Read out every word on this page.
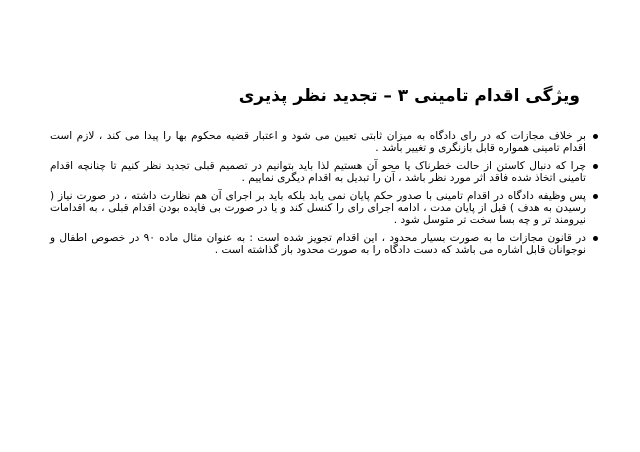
ویژگی اقدام تامینی ۳ – تجدید نظر پذیری
بر خلاف مجازات که در رای دادگاه به میزان ثابتی تعیین می شود و اعتبار قضیه محکوم بها را پیدا می کند ، لازم است اقدام تامینی همواره قابل بازنگری و تغییر باشد .
چرا که دنبال کاستن از حالت خطرناک یا محو آن هستیم لذا باید بتوانیم در تصمیم قبلی تجدید نظر کنیم تا چنانچه اقدام تامینی اتخاذ شده فاقد اثر مورد نظر باشد ، آن را تبدیل به اقدام دیگری نماییم .
پس وظیفه دادگاه در اقدام تامینی با صدور حکم پایان نمی یابد بلکه باید بر اجرای آن هم نظارت داشته ، در صورت نیاز ( رسیدن به هدف ) قبل از پایان مدت ، ادامه اجرای رای را کنسل کند و یا در صورت بی فایده بودن اقدام قبلی ، به اقدامات نیرومند تر و چه بسا سخت تر متوسل شود .
در قانون مجازات ما به صورت بسیار محدود ، این اقدام تجویز شده است : به عنوان مثال ماده ۹۰ در خصوص اطفال و نوجوانان قابل اشاره می باشد که دست دادگاه را به صورت محدود باز گذاشته است .
